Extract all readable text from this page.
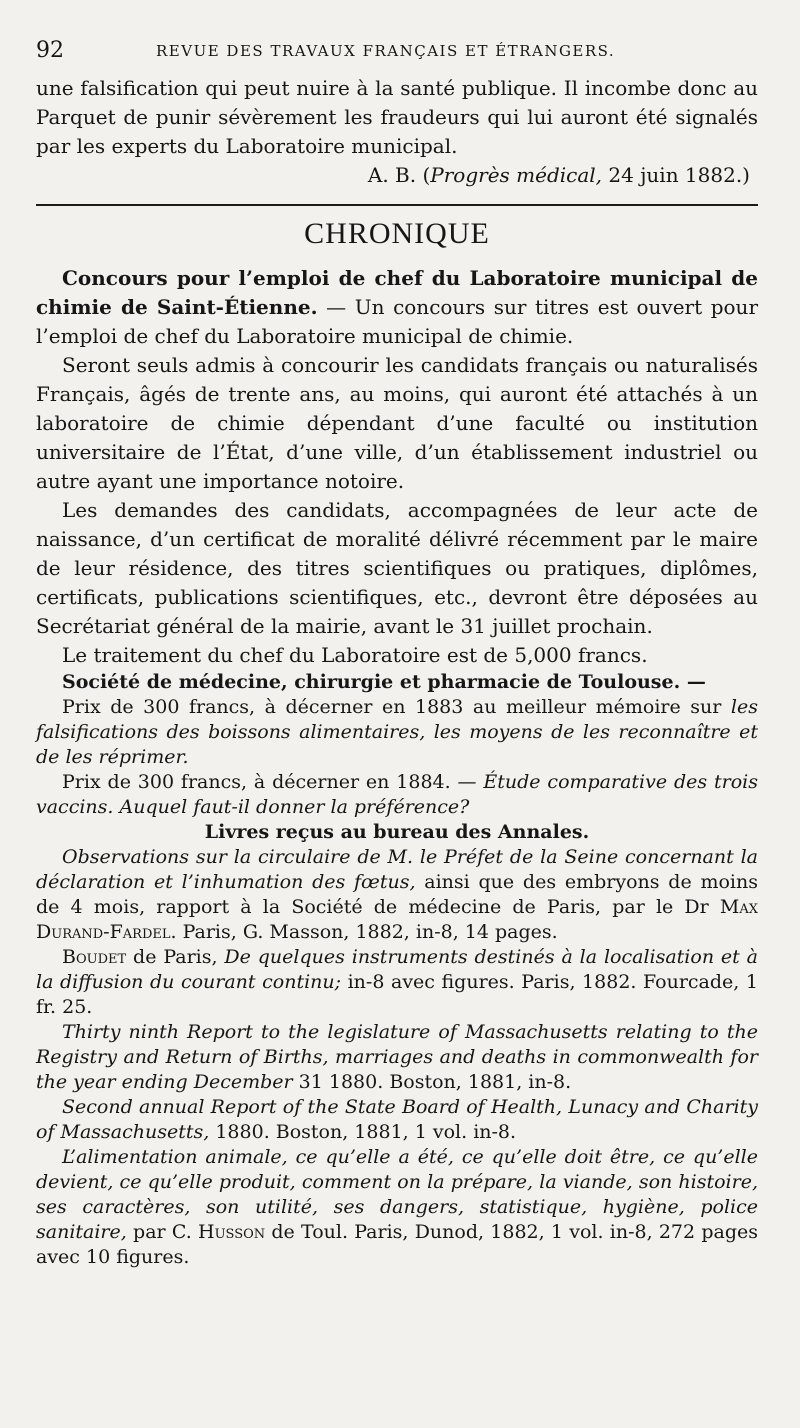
92	REVUE DES TRAVAUX FRANÇAIS ET ÉTRANGERS.

une falsification qui peut nuire à la santé publique. Il incombe donc au Parquet de punir sévèrement les fraudeurs qui lui auront été signalés par les experts du Laboratoire municipal.

A. B. (Progrès médical, 24 juin 1882.)

CHRONIQUE

Concours pour l’emploi de chef du Laboratoire municipal de chimie de Saint-Étienne. — Un concours sur titres est ouvert pour l’emploi de chef du Laboratoire municipal de chimie.

Seront seuls admis à concourir les candidats français ou naturalisés Français, âgés de trente ans, au moins, qui auront été attachés à un laboratoire de chimie dépendant d’une faculté ou institution universitaire de l’État, d’une ville, d’un établissement industriel ou autre ayant une importance notoire.

Les demandes des candidats, accompagnées de leur acte de naissance, d’un certificat de moralité délivré récemment par le maire de leur résidence, des titres scientifiques ou pratiques, diplômes, certificats, publications scientifiques, etc., devront être déposées au Secrétariat général de la mairie, avant le 31 juillet prochain.

Le traitement du chef du Laboratoire est de 5,000 francs.

Société de médecine, chirurgie et pharmacie de Toulouse. —

Prix de 300 francs, à décerner en 1883 au meilleur mémoire sur les falsifications des boissons alimentaires, les moyens de les reconnaître et de les réprimer.

Prix de 300 francs, à décerner en 1884. — Étude comparative des trois vaccins. Auquel faut-il donner la préférence?

Livres reçus au bureau des Annales.

Observations sur la circulaire de M. le Préfet de la Seine concernant la déclaration et l’inhumation des fœtus, ainsi que des embryons de moins de 4 mois, rapport à la Société de médecine de Paris, par le Dr Max Durand-Fardel. Paris, G. Masson, 1882, in-8, 14 pages.

Boudet de Paris, De quelques instruments destinés à la localisation et à la diffusion du courant continu; in-8 avec figures. Paris, 1882. Fourcade, 1 fr. 25.

Thirty ninth Report to the legislature of Massachusetts relating to the Registry and Return of Births, marriages and deaths in commonwealth for the year ending December 31 1880. Boston, 1881, in-8.

Second annual Report of the State Board of Health, Lunacy and Charity of Massachusetts, 1880. Boston, 1881, 1 vol. in-8.

L’alimentation animale, ce qu’elle a été, ce qu’elle doit être, ce qu’elle devient, ce qu’elle produit, comment on la prépare, la viande, son histoire, ses caractères, son utilité, ses dangers, statistique, hygiène, police sanitaire, par C. Husson de Toul. Paris, Dunod, 1882, 1 vol. in-8, 272 pages avec 10 figures.
